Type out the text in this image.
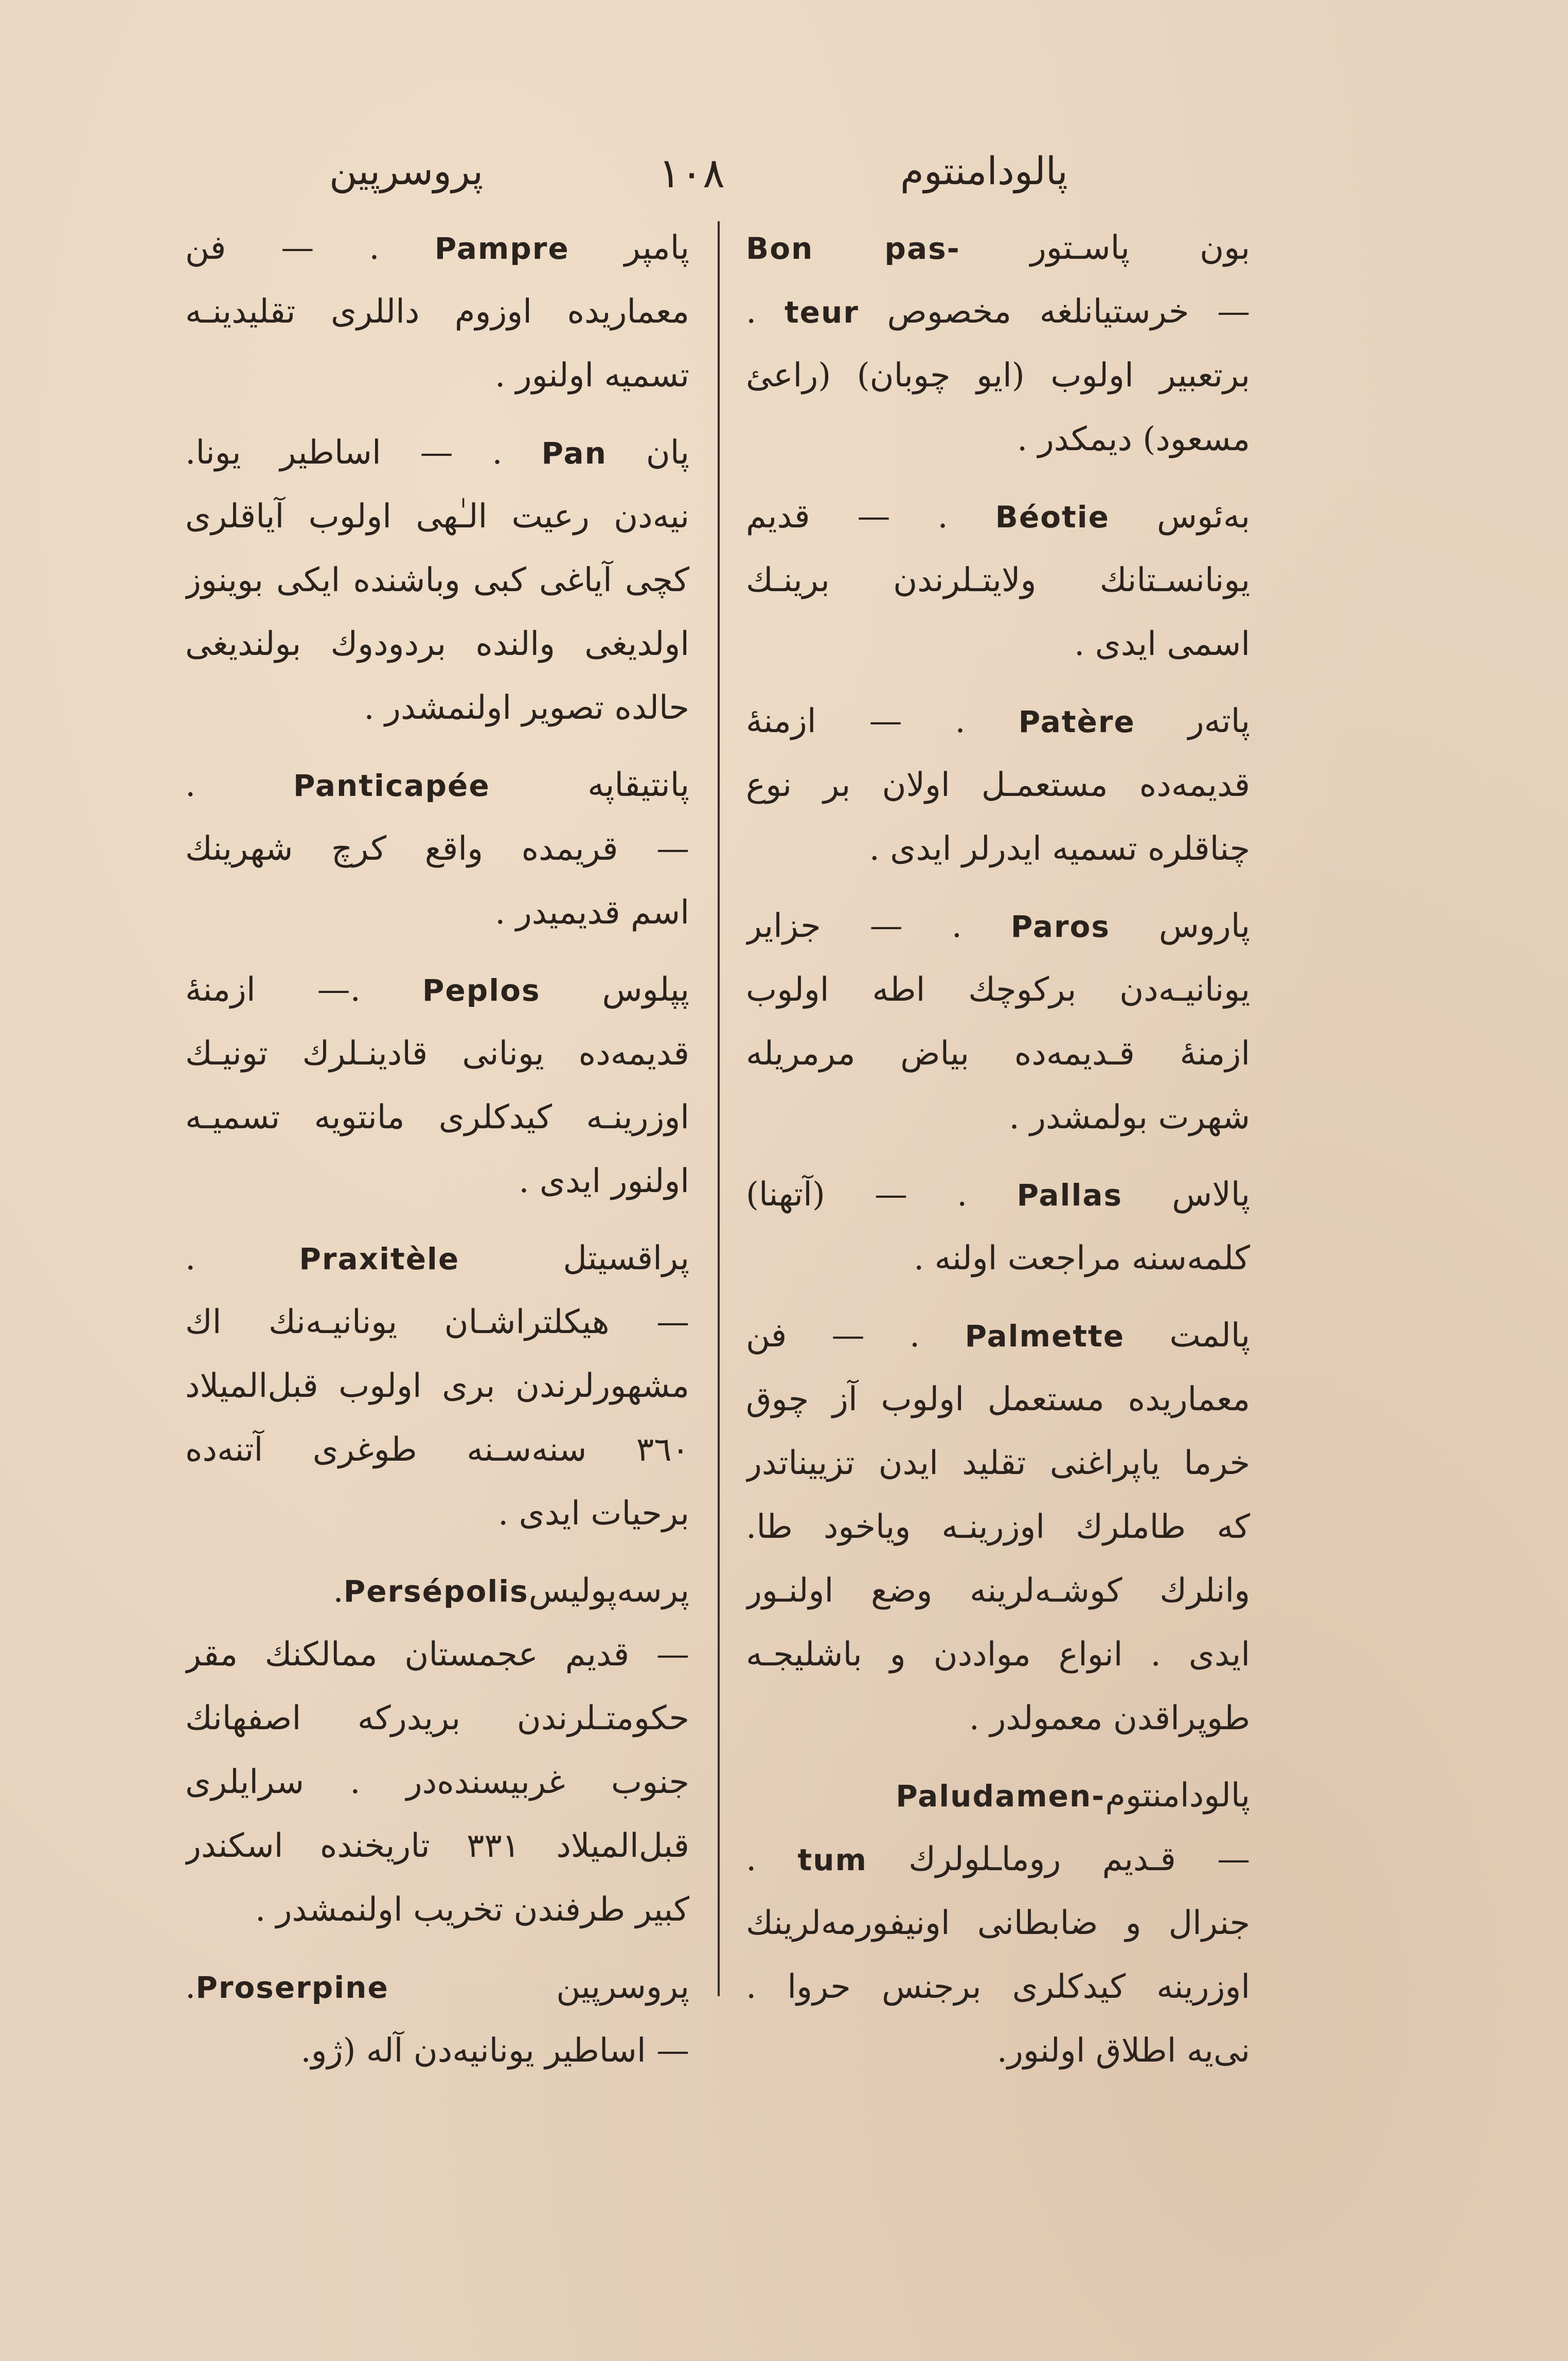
پروسرپین	١٠٨	پالودامنتوم
بون پاسـتور Bon pas-
— خرستیانلغه مخصوص teur .
برتعبیر اولوب (ایو چوبان) (راعئ
مسعود) دیمکدر .
به‌ئوس Béotie . — قدیم
یونانسـتانك ولایتـلرندن برینـك
اسمی ایدی .
پاته‌ر Patère . — ازمنهٔ
قدیمه‌ده مستعمـل اولان بر نوع
چناقلره تسمیه ایدرلر ایدی .
پاروس Paros . — جزایر
یونانیـه‌دن برکوچك اطه اولوب
ازمنهٔ قـدیمه‌ده بیاض مرمریله
شهرت بولمشدر .
پالاس Pallas . — (آتهنا)
کلمه‌سنه مراجعت اولنه .
پالمت Palmette . — فن
معماریده مستعمل اولوب آز چوق
خرما یاپراغنی تقلید ایدن تزییناتدر
که طاملرك اوزرینـه ویاخود طا.
وانلرك کوشـه‌لرینه وضع اولنـور
ایدی . انواع مواددن و باشلیجـه
طوپراقدن معمولدر .
پالودامنتومPaludamen-
— قـدیم روماـلولرك tum .
جنرال و ضابطانی اونیفورمه‌لرینك
اوزرینه کیدکلری برجنس حروا .
نی‌یه اطلاق اولنور.
پامپر Pampre . — فن
معماریده اوزوم داللری تقلیدینـه
تسمیه اولنور .
پان Pan . — اساطیر یونا.
نیه‌دن رعیت الـٰهی اولوب آیاقلری
کچی آیاغی کبی وباشنده ایکی بوینوز
اولدیغی والنده بردودوك بولندیغی
حالده تصویر اولنمشدر .
پانتیقاپه Panticapée .
— قریمده واقع کرچ شهرینك
اسم قدیمیدر .
پپلوس Peplos .— ازمنهٔ
قدیمه‌ده یونانی قادینـلرك تونیـك
اوزرینـه کیدکلری مانتویه تسمیـه
اولنور ایدی .
پراقسیتل Praxitèle .
— هیکلتراشـان یونانیـه‌نك اك
مشهورلرندن بری اولوب قبل‌المیلاد
٣٦٠ سنه‌سـنه طوغری آتنه‌ده
برحیات ایدی .
پرسه‌پولیسPersépolis.
— قدیم عجمستان ممالکنك مقر
حکومتـلرندن بریدرکه اصفهانك
جنوب غربیسنده‌در . سرایلری
قبل‌المیلاد ٣٣١ تاریخنده اسکندر
کبیر طرفندن تخریب اولنمشدر .
پروسرپین Proserpine.
— اساطیر یونانیه‌دن آله (ژو.
